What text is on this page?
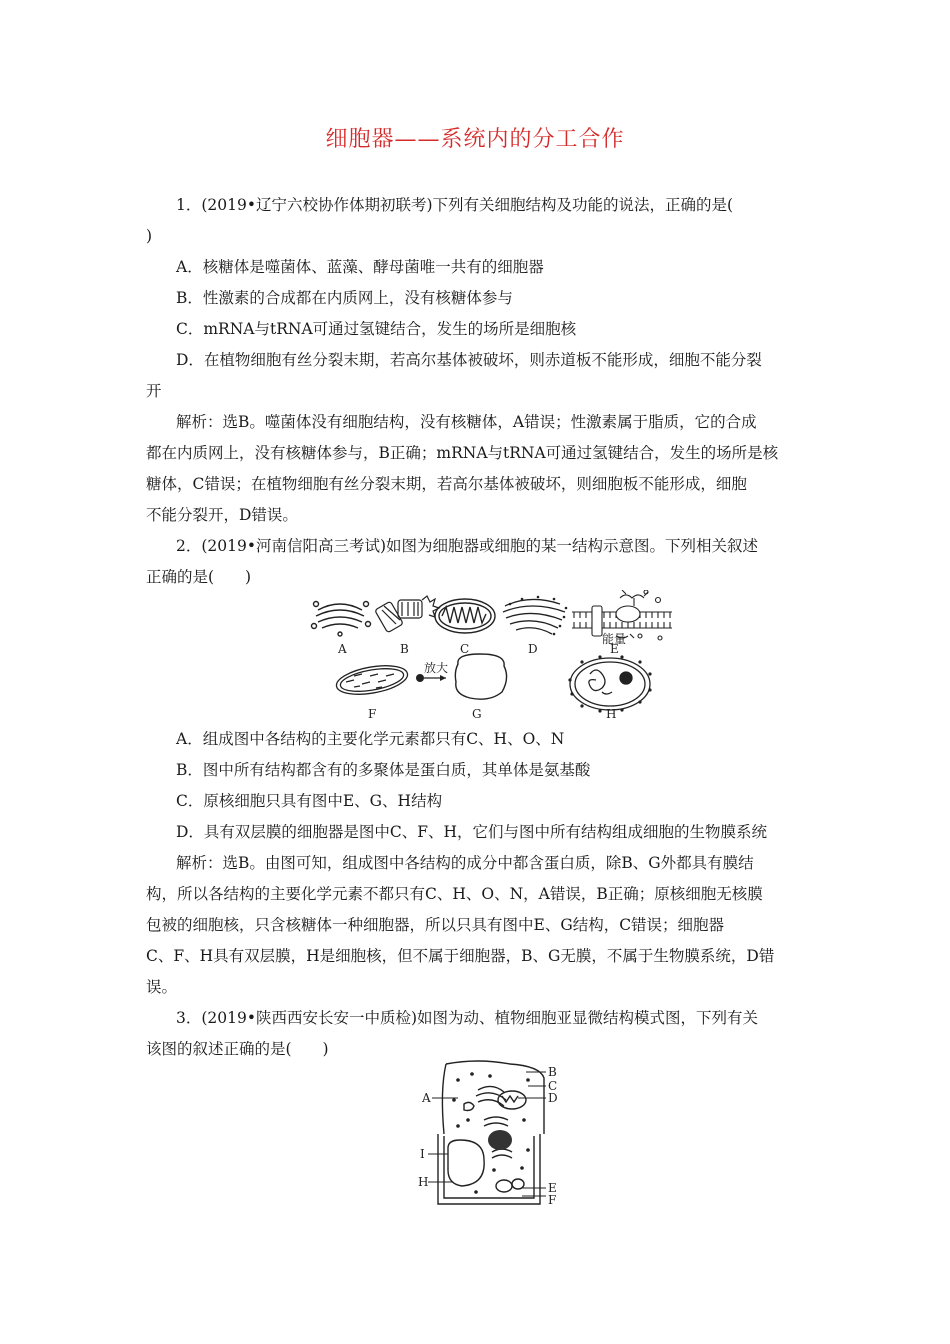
细胞器——系统内的分工合作
1．(2019•辽宁六校协作体期初联考)下列有关细胞结构及功能的说法，正确的是(
)
A．核糖体是噬菌体、蓝藻、酵母菌唯一共有的细胞器
B．性激素的合成都在内质网上，没有核糖体参与
C．mRNA与tRNA可通过氢键结合，发生的场所是细胞核
D．在植物细胞有丝分裂末期，若高尔基体被破坏，则赤道板不能形成，细胞不能分裂
开
解析：选B。噬菌体没有细胞结构，没有核糖体，A错误；性激素属于脂质，它的合成
都在内质网上，没有核糖体参与，B正确；mRNA与tRNA可通过氢键结合，发生的场所是核
糖体，C错误；在植物细胞有丝分裂末期，若高尔基体被破坏，则细胞板不能形成，细胞
不能分裂开，D错误。
2．(2019•河南信阳高三考试)如图为细胞器或细胞的某一结构示意图。下列相关叙述
正确的是(　　)
能量
放大
A	B	C	D	E
F	G	H
A．组成图中各结构的主要化学元素都只有C、H、O、N
B．图中所有结构都含有的多聚体是蛋白质，其单体是氨基酸
C．原核细胞只具有图中E、G、H结构
D．具有双层膜的细胞器是图中C、F、H，它们与图中所有结构组成细胞的生物膜系统
解析：选B。由图可知，组成图中各结构的成分中都含蛋白质，除B、G外都具有膜结
构，所以各结构的主要化学元素不都只有C、H、O、N，A错误，B正确；原核细胞无核膜
包被的细胞核，只含核糖体一种细胞器，所以只具有图中E、G结构，C错误；细胞器
C、F、H具有双层膜，H是细胞核，但不属于细胞器，B、G无膜，不属于生物膜系统，D错
误。
3．(2019•陕西西安长安一中质检)如图为动、植物细胞亚显微结构模式图，下列有关
该图的叙述正确的是(　　)
A
B
C
D
I
H	E
F
